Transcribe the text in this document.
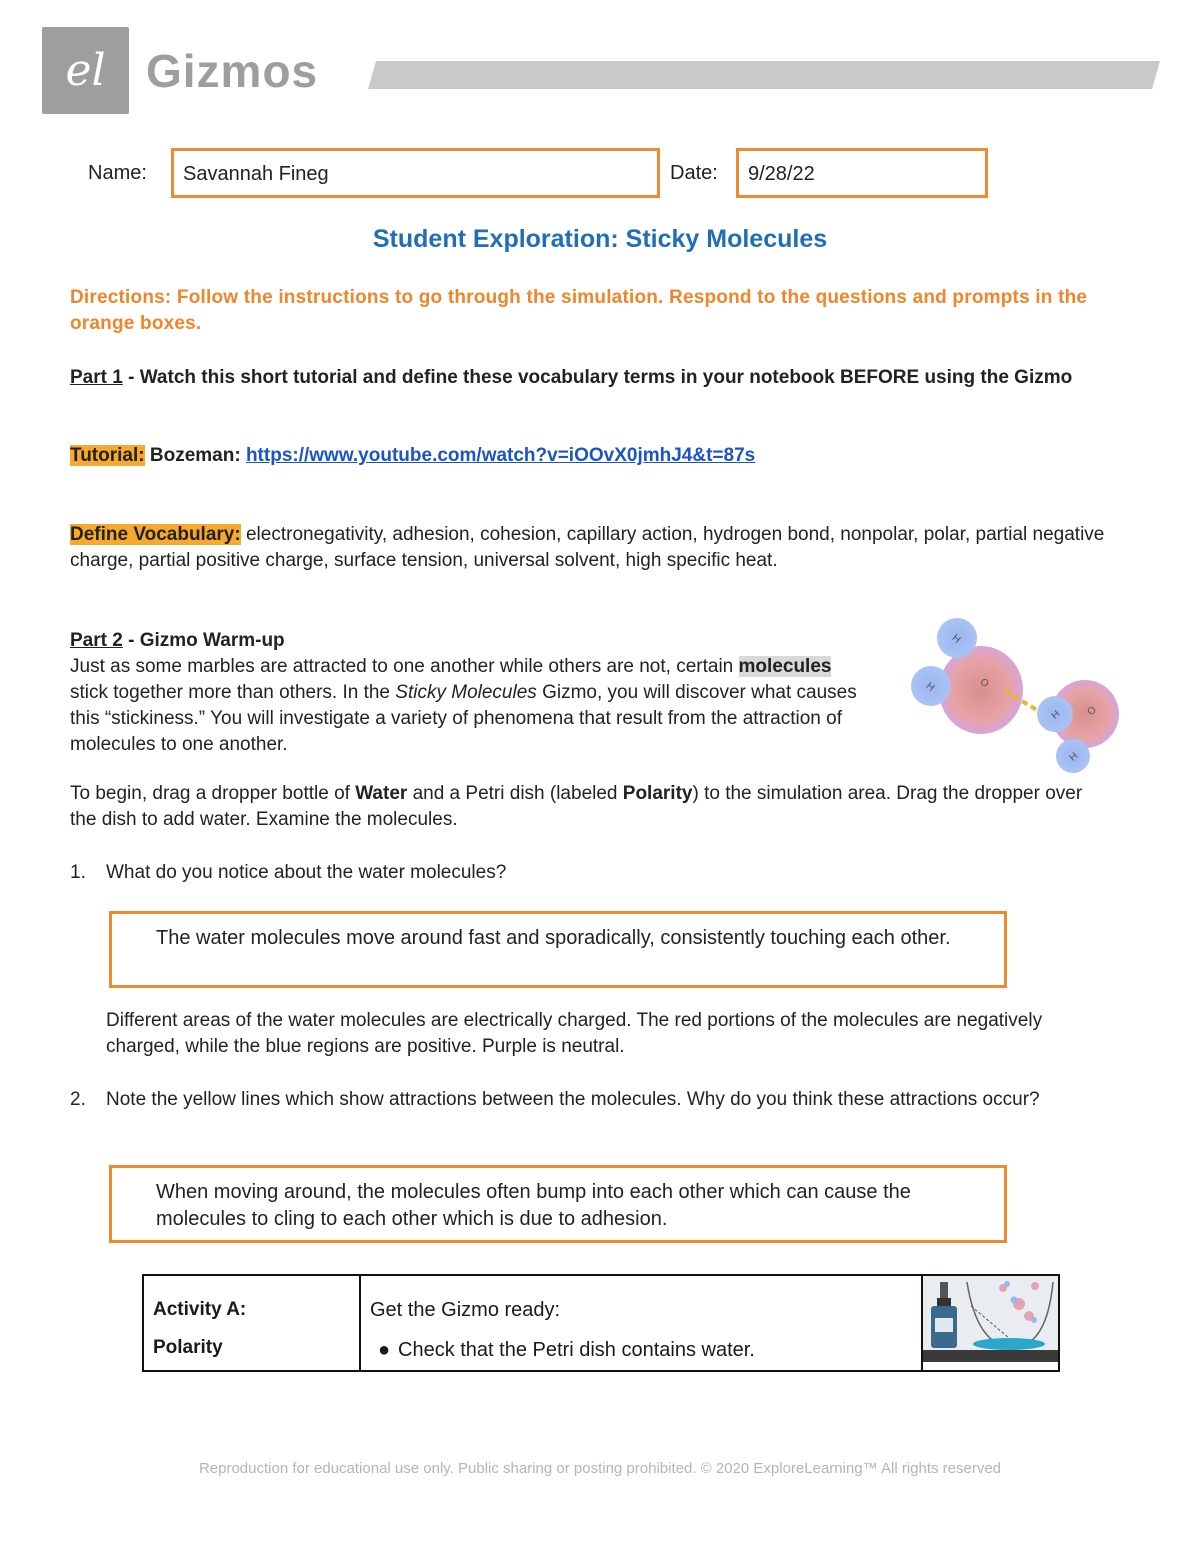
el Gizmos
Name:	Savannah Fineg	Date:	9/28/22
Student Exploration: Sticky Molecules
Directions: Follow the instructions to go through the simulation. Respond to the questions and prompts in the orange boxes.
Part 1 - Watch this short tutorial and define these vocabulary terms in your notebook BEFORE using the Gizmo
Tutorial: Bozeman: https://www.youtube.com/watch?v=iOOvX0jmhJ4&t=87s
Define Vocabulary: electronegativity, adhesion, cohesion, capillary action, hydrogen bond, nonpolar, polar, partial negative charge, partial positive charge, surface tension, universal solvent, high specific heat.
Part 2 - Gizmo Warm-up
Just as some marbles are attracted to one another while others are not, certain molecules stick together more than others. In the Sticky Molecules Gizmo, you will discover what causes this “stickiness.” You will investigate a variety of phenomena that result from the attraction of molecules to one another.
H
H	O
H
H
O
To begin, drag a dropper bottle of Water and a Petri dish (labeled Polarity) to the simulation area. Drag the dropper over the dish to add water. Examine the molecules.
1. What do you notice about the water molecules?
The water molecules move around fast and sporadically, consistently touching each other.
Different areas of the water molecules are electrically charged. The red portions of the molecules are negatively charged, while the blue regions are positive. Purple is neutral.
2. Note the yellow lines which show attractions between the molecules. Why do you think these attractions occur?
When moving around, the molecules often bump into each other which can cause the molecules to cling to each other which is due to adhesion.
Activity A:
Polarity

Get the Gizmo ready:
● Check that the Petri dish contains water.

Reproduction for educational use only. Public sharing or posting prohibited. © 2020 ExploreLearning™ All rights reserved
